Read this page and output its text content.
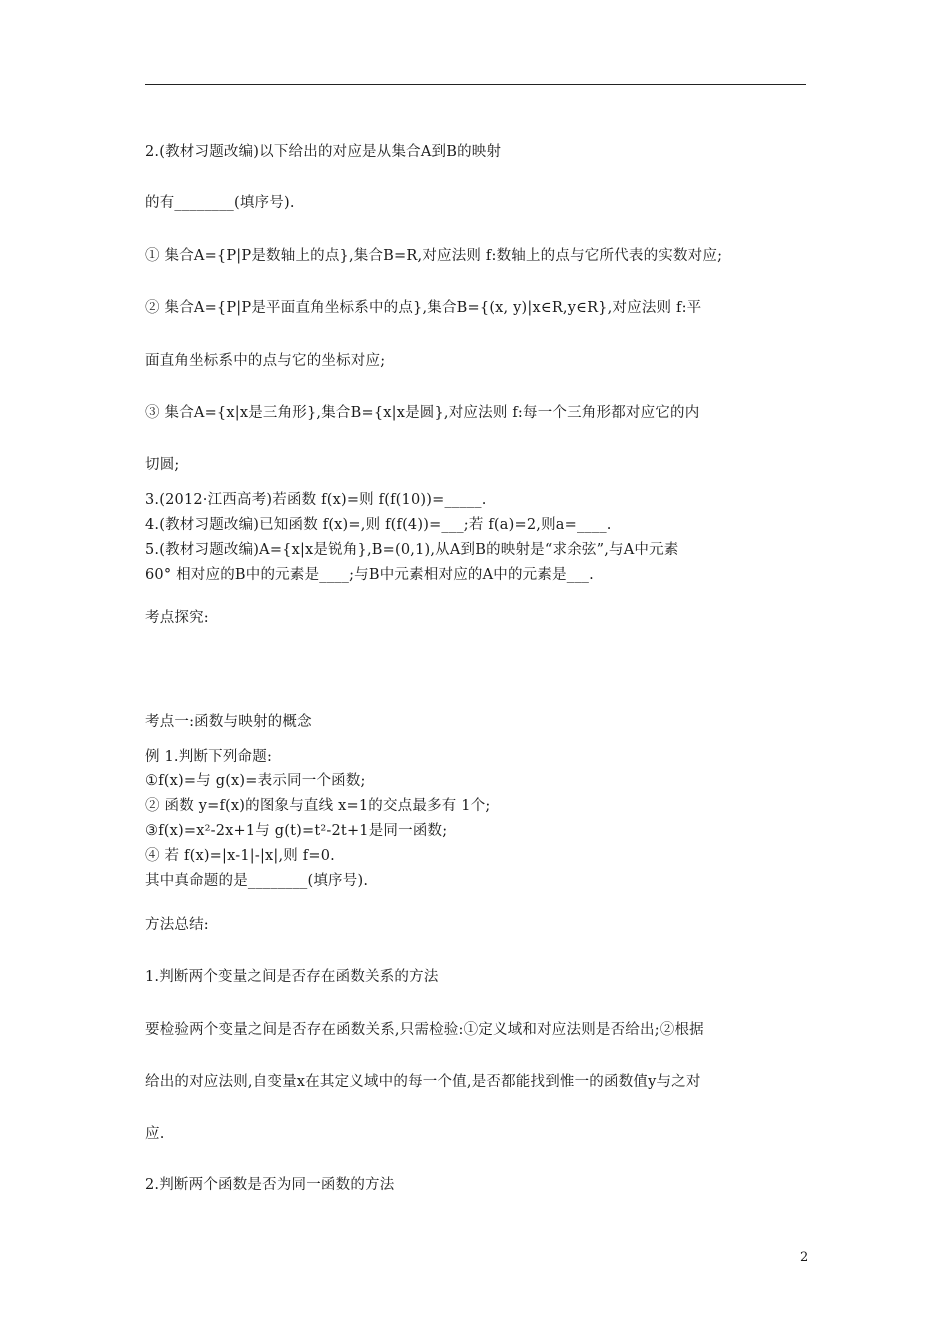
2.(教材习题改编)以下给出的对应是从集合A到B的映射
的有________(填序号).
① 集合A={P|P是数轴上的点},集合B=R,对应法则 f:数轴上的点与它所代表的实数对应;
② 集合A={P|P是平面直角坐标系中的点},集合B={(x, y)|x∈R,y∈R},对应法则 f:平
面直角坐标系中的点与它的坐标对应;
③ 集合A={x|x是三角形},集合B={x|x是圆},对应法则 f:每一个三角形都对应它的内
切圆;
3.(2012·江西高考)若函数 f(x)=则 f(f(10))=_____.
4.(教材习题改编)已知函数 f(x)=,则 f(f(4))=___;若 f(a)=2,则a=____.
5.(教材习题改编)A={x|x是锐角},B=(0,1),从A到B的映射是“求余弦”,与A中元素
60° 相对应的B中的元素是____;与B中元素相对应的A中的元素是___.
考点探究:
考点一:函数与映射的概念
例 1.判断下列命题:
①f(x)=与 g(x)=表示同一个函数;
② 函数 y=f(x)的图象与直线 x=1的交点最多有 1个;
③f(x)=x²-2x+1与 g(t)=t²-2t+1是同一函数;
④ 若 f(x)=|x-1|-|x|,则 f=0.
其中真命题的是________(填序号).
方法总结:
1.判断两个变量之间是否存在函数关系的方法
要检验两个变量之间是否存在函数关系,只需检验:①定义域和对应法则是否给出;②根据
给出的对应法则,自变量x在其定义域中的每一个值,是否都能找到惟一的函数值y与之对
应.
2.判断两个函数是否为同一函数的方法
2
